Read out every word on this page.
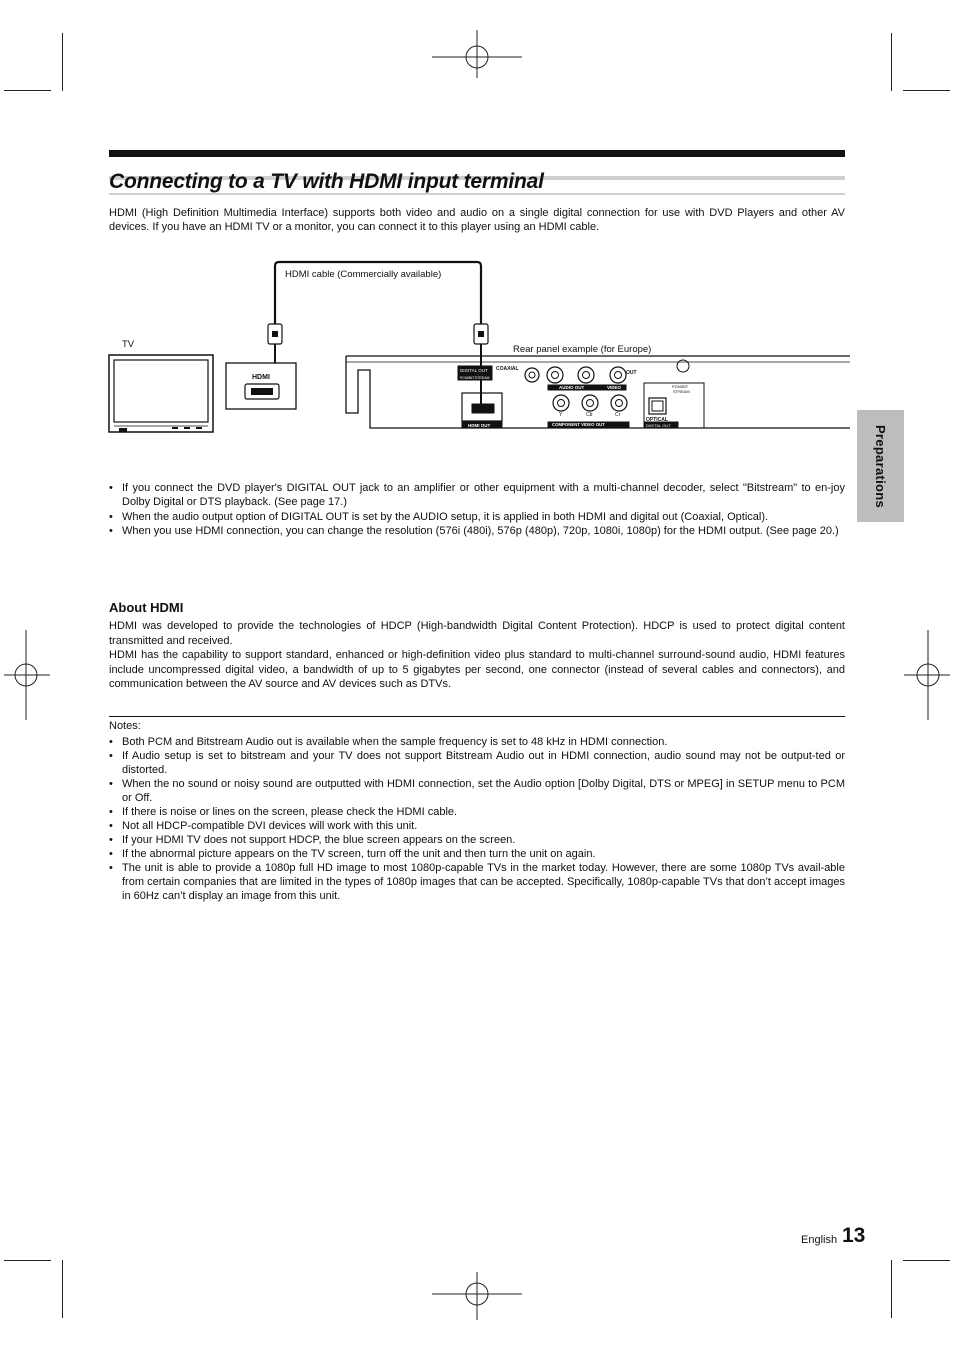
Connecting to a TV with HDMI input terminal
HDMI (High Definition Multimedia Interface) supports both video and audio on a single digital connection for use with DVD Players and other AV devices. If you have an HDMI TV or a monitor, you can connect it to this player using an HDMI cable.
DIGITAL OUT
PCM/BITSTREAM
COAXIAL
AUDIO OUT	VIDEO
OUT
HDMI OUT
Y	Cb	Cr
COMPONENT VIDEO OUT
PCM/BIT
STREAM
OPTICAL
DIGITAL OUT
HDMI cable (Commercially available)
TV
HDMI
Rear panel example (for Europe)
• If you connect the DVD player's DIGITAL OUT jack to an amplifier or other equipment with a multi-channel decoder, select "Bitstream" to en-joy Dolby Digital or DTS playback. (See page 17.)
• When the audio output option of DIGITAL OUT is set by the AUDIO setup, it is applied in both HDMI and digital out (Coaxial, Optical).
• When you use HDMI connection, you can change the resolution (576i (480i), 576p (480p), 720p, 1080i, 1080p) for the HDMI output. (See page 20.)
About HDMI
HDMI was developed to provide the technologies of HDCP (High-bandwidth Digital Content Protection). HDCP is used to protect digital content transmitted and received.
HDMI has the capability to support standard, enhanced or high-definition video plus standard to multi-channel surround-sound audio, HDMI features include uncompressed digital video, a bandwidth of up to 5 gigabytes per second, one connector (instead of several cables and connectors), and communication between the AV source and AV devices such as DTVs.
Notes:
• Both PCM and Bitstream Audio out is available when the sample frequency is set to 48 kHz in HDMI connection.
• If Audio setup is set to bitstream and your TV does not support Bitstream Audio out in HDMI connection, audio sound may not be output-ted or distorted.
• When the no sound or noisy sound are outputted with HDMI connection, set the Audio option [Dolby Digital, DTS or MPEG] in SETUP menu to PCM or Off.
• If there is noise or lines on the screen, please check the HDMI cable.
• Not all HDCP-compatible DVI devices will work with this unit.
• If your HDMI TV does not support HDCP, the blue screen appears on the screen.
• If the abnormal picture appears on the TV screen, turn off the unit and then turn the unit on again.
• The unit is able to provide a 1080p full HD image to most 1080p-capable TVs in the market today. However, there are some 1080p TVs avail-able from certain companies that are limited in the types of 1080p images that can be accepted. Specifically, 1080p-capable TVs that don’t accept images in 60Hz can’t display an image from this unit.
Preparations
English 13
